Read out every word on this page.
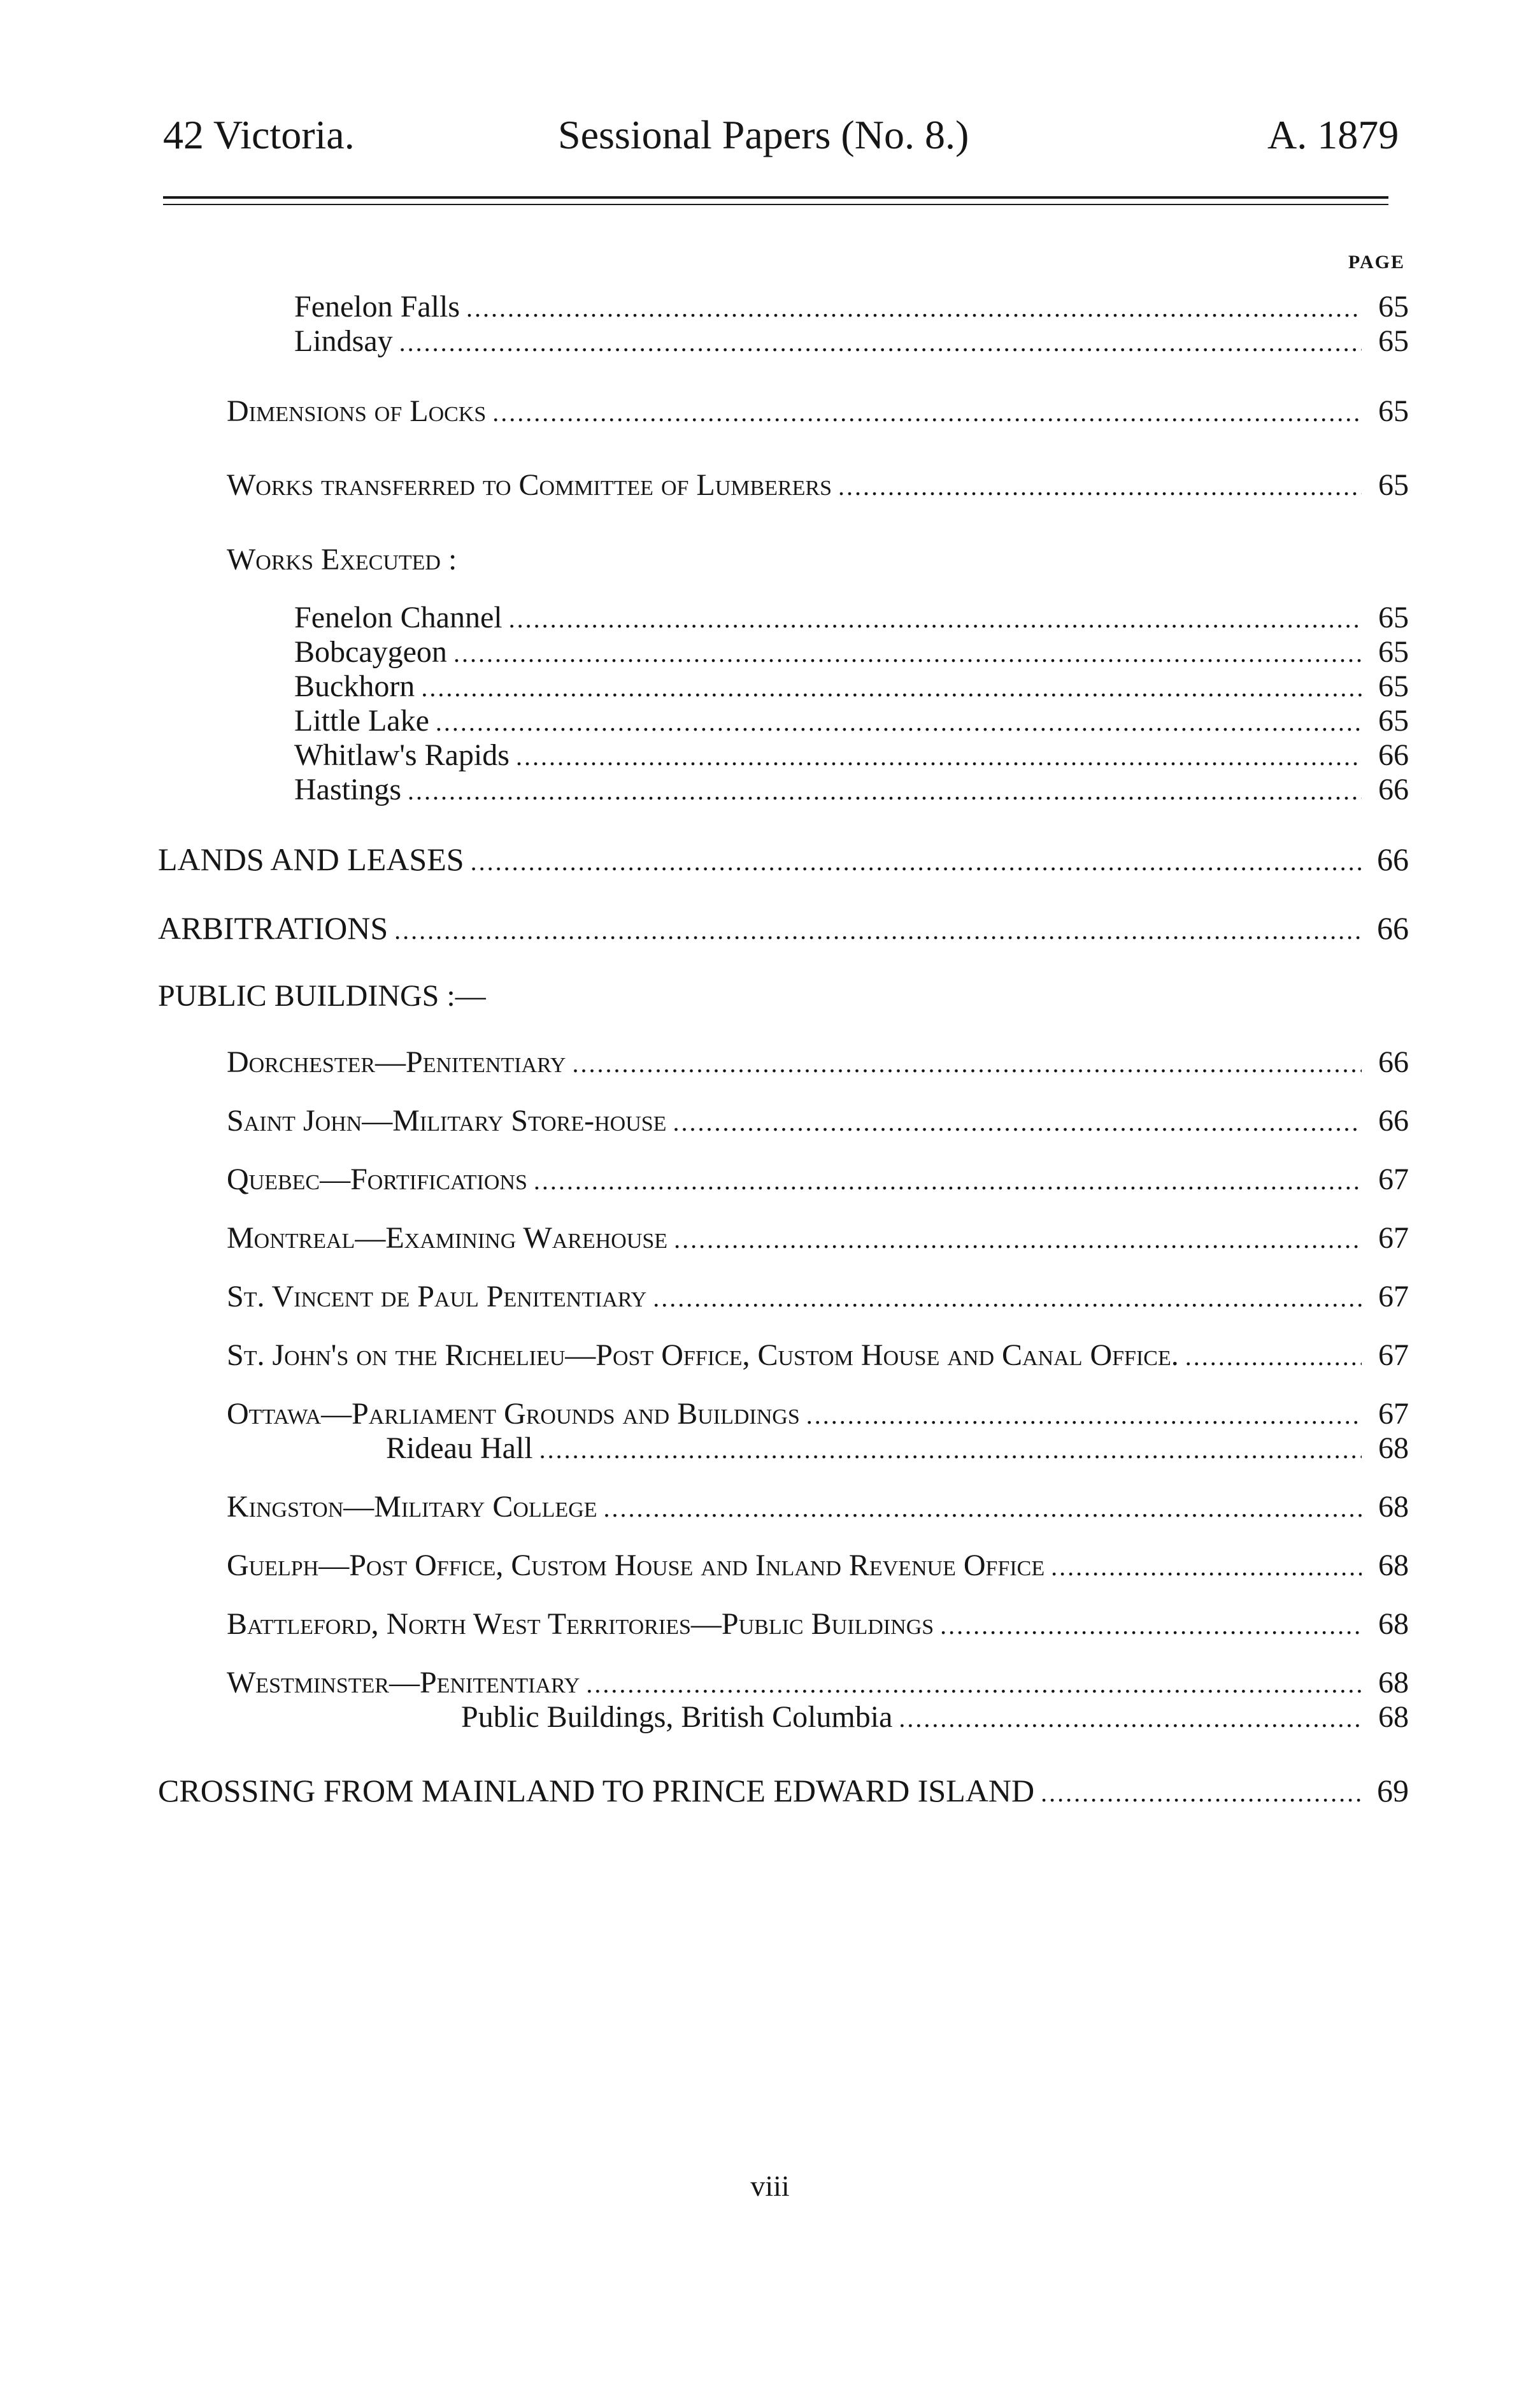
42 Victoria.	Sessional Papers (No. 8.)	A. 1879
PAGE
Fenelon Falls .....	65
Lindsay .....	65
Dimensions of Locks .....	65
Works transferred to Committee of Lumberers .....	65
Works Executed :
Fenelon Channel .....	65
Bobcaygeon .....	65
Buckhorn .....	65
Little Lake .....	65
Whitlaw's Rapids .....	66
Hastings .....	66
LANDS AND LEASES .....	66
ARBITRATIONS .....	66
PUBLIC BUILDINGS :—
Dorchester—Penitentiary .....	66
Saint John—Military Store-house .....	66
Quebec—Fortifications .....	67
Montreal—Examining Warehouse .....	67
St. Vincent de Paul Penitentiary .....	67
St. John's on the Richelieu—Post Office, Custom House and Canal Office. .....	67
Ottawa—Parliament Grounds and Buildings .....	67
Rideau Hall .....	68
Kingston—Military College .....	68
Guelph—Post Office, Custom House and Inland Revenue Office .....	68
Battleford, North West Territories—Public Buildings .....	68
Westminster—Penitentiary .....	68
Public Buildings, British Columbia .....	68
CROSSING FROM MAINLAND TO PRINCE EDWARD ISLAND .....	69
viii
